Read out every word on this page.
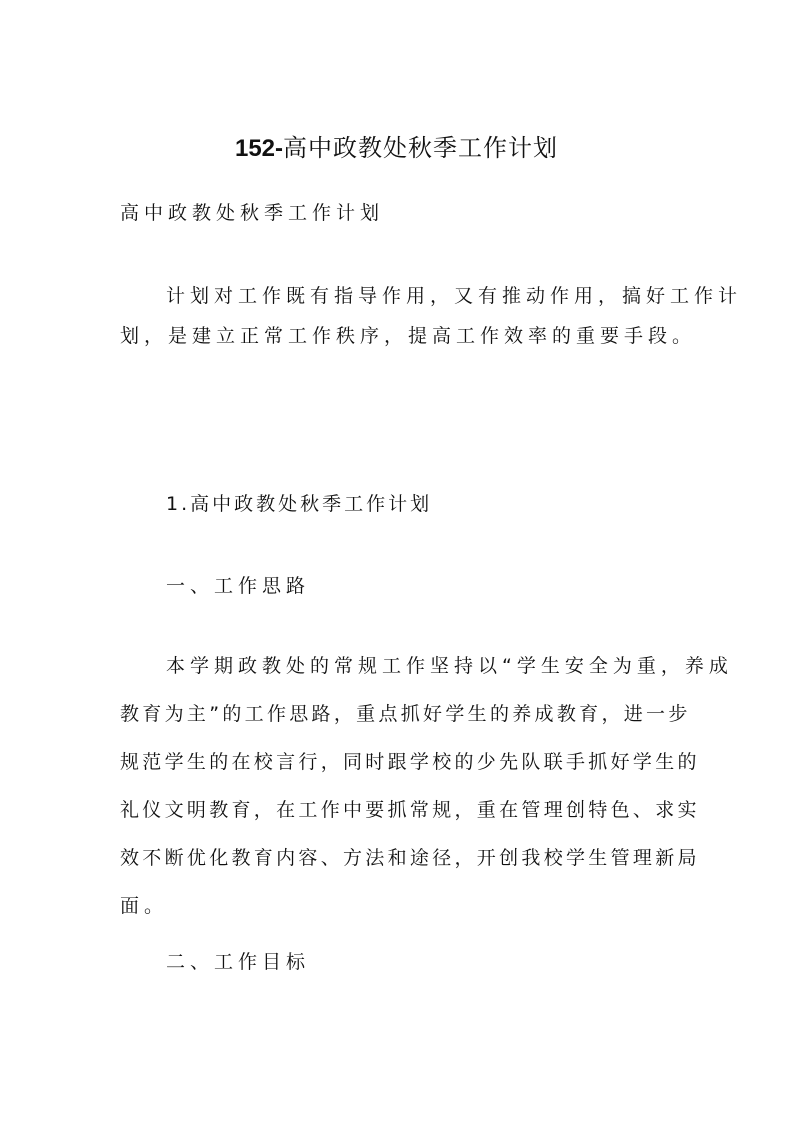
152-高中政教处秋季工作计划
高中政教处秋季工作计划
计划对工作既有指导作用，又有推动作用，搞好工作计
划，是建立正常工作秩序，提高工作效率的重要手段。
1.高中政教处秋季工作计划
一、工作思路
本学期政教处的常规工作坚持以“学生安全为重，养成
教育为主”的工作思路，重点抓好学生的养成教育，进一步
规范学生的在校言行，同时跟学校的少先队联手抓好学生的
礼仪文明教育，在工作中要抓常规，重在管理创特色、求实
效不断优化教育内容、方法和途径，开创我校学生管理新局
面。
二、工作目标
